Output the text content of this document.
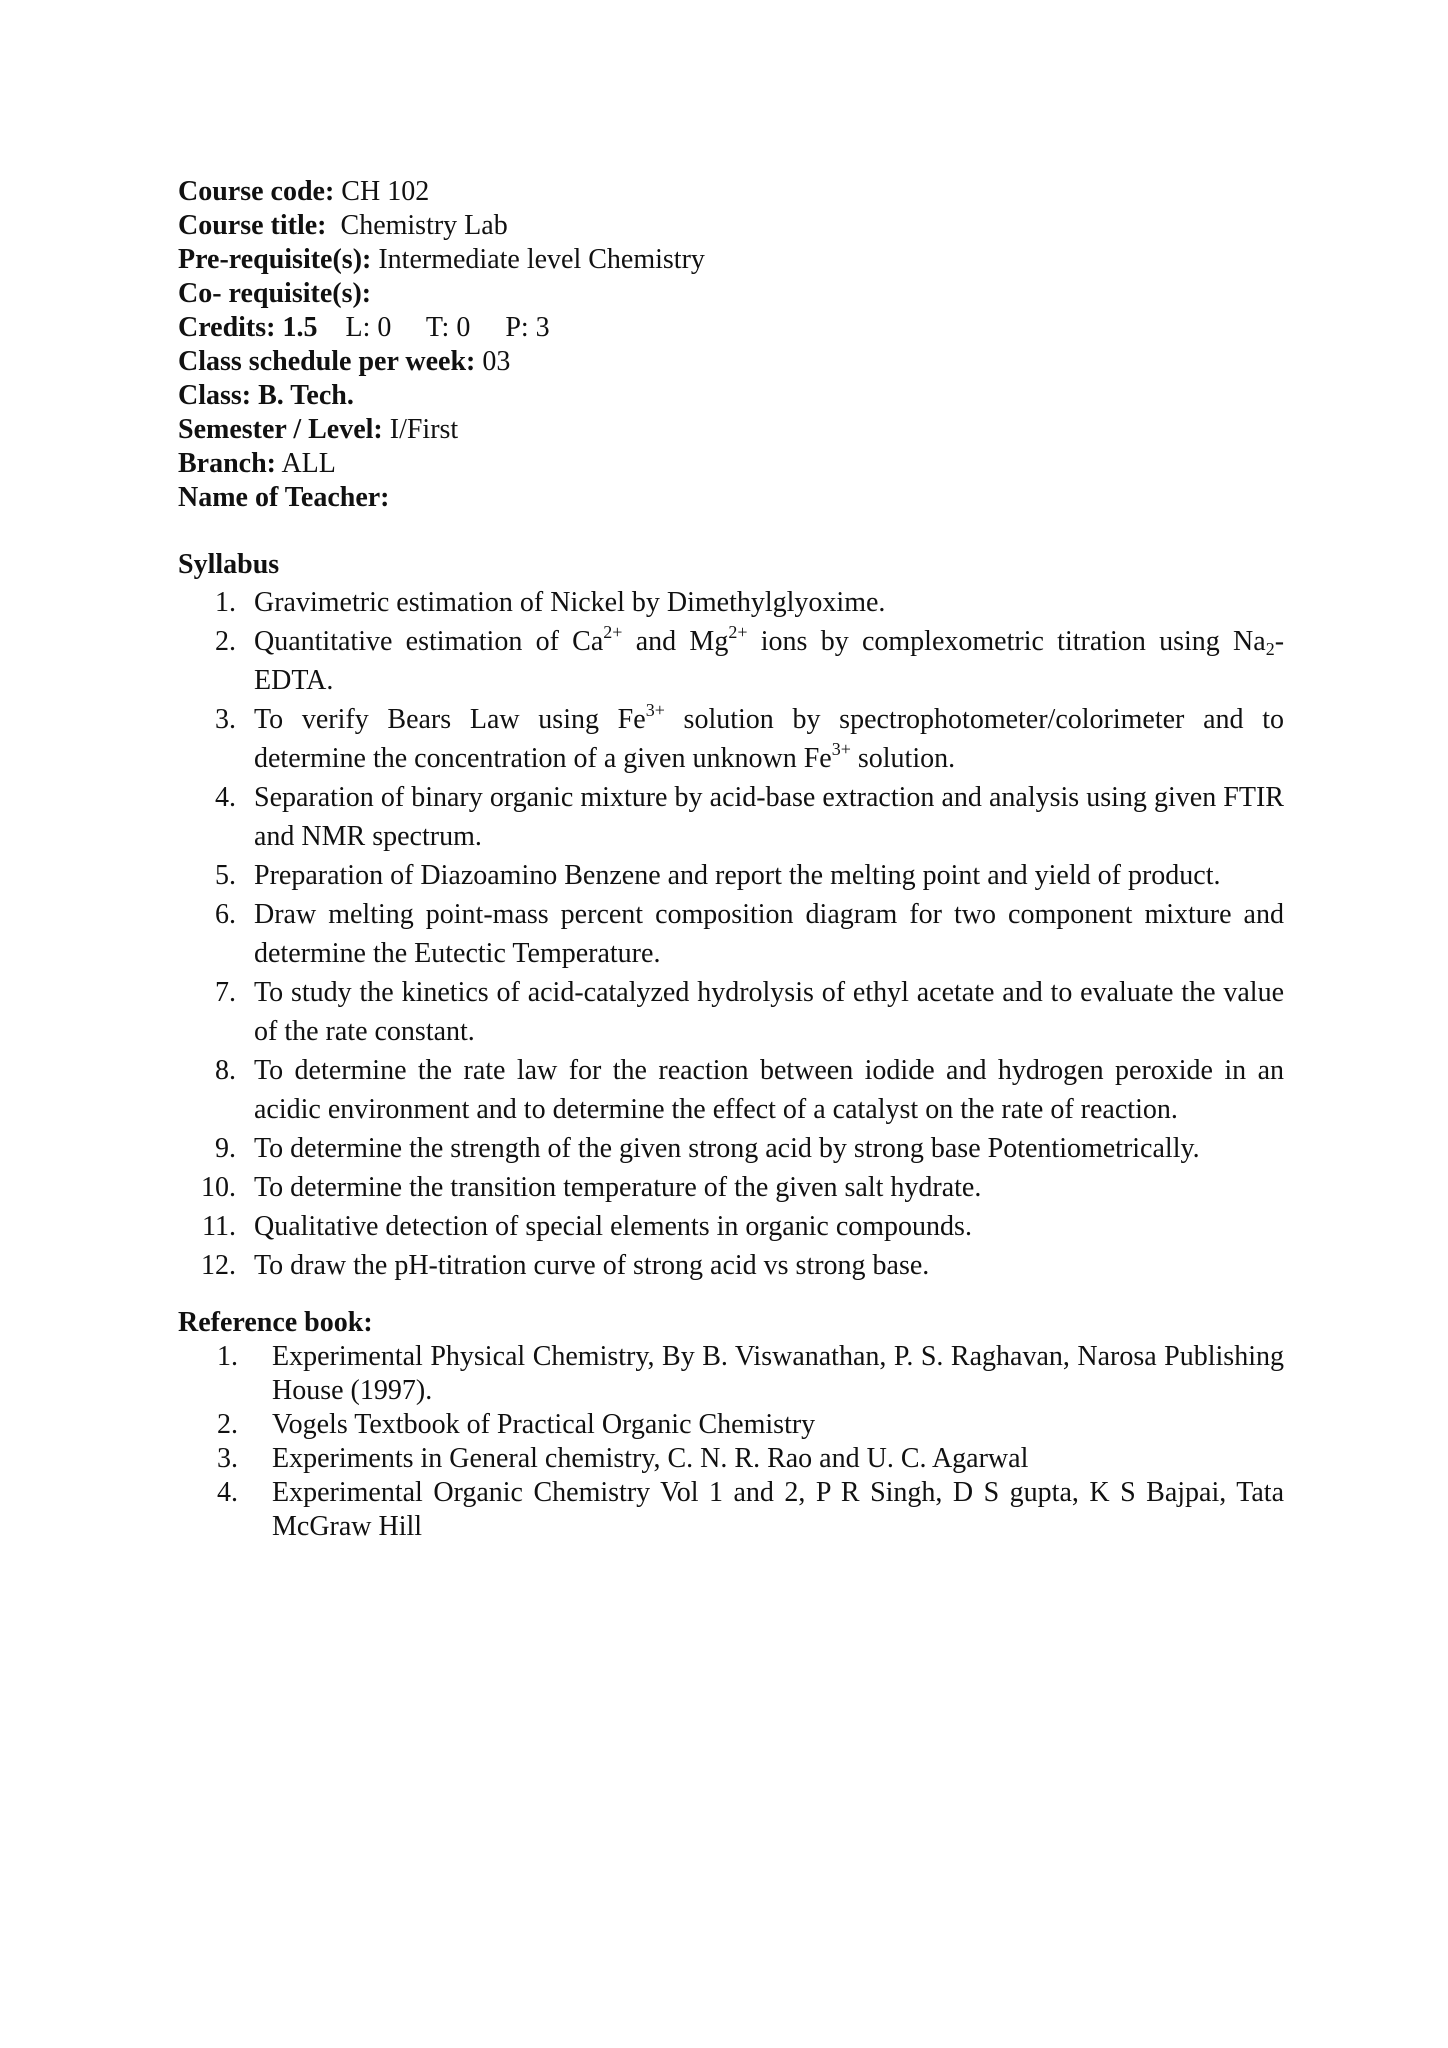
Course code: CH 102
Course title:  Chemistry Lab
Pre-requisite(s): Intermediate level Chemistry
Co- requisite(s):
Credits: 1.5    L: 0     T: 0     P: 3
Class schedule per week: 03
Class: B. Tech.
Semester / Level: I/First
Branch: ALL
Name of Teacher:
Syllabus
1. Gravimetric estimation of Nickel by Dimethylglyoxime.
2. Quantitative estimation of $Ca^{2+}$ and $Mg^{2+}$ ions by complexometric titration using $Na_2$-EDTA.
3. To verify Bears Law using $Fe^{3+}$ solution by spectrophotometer/colorimeter and to determine the concentration of a given unknown $Fe^{3+}$ solution.
4. Separation of binary organic mixture by acid-base extraction and analysis using given FTIR and NMR spectrum.
5. Preparation of Diazoamino Benzene and report the melting point and yield of product.
6. Draw melting point-mass percent composition diagram for two component mixture and determine the Eutectic Temperature.
7. To study the kinetics of acid-catalyzed hydrolysis of ethyl acetate and to evaluate the value of the rate constant.
8. To determine the rate law for the reaction between iodide and hydrogen peroxide in an acidic environment and to determine the effect of a catalyst on the rate of reaction.
9. To determine the strength of the given strong acid by strong base Potentiometrically.
10. To determine the transition temperature of the given salt hydrate.
11. Qualitative detection of special elements in organic compounds.
12. To draw the pH-titration curve of strong acid vs strong base.
Reference book:
1. Experimental Physical Chemistry, By B. Viswanathan, P. S. Raghavan, Narosa Publishing House (1997).
2. Vogels Textbook of Practical Organic Chemistry
3. Experiments in General chemistry, C. N. R. Rao and U. C. Agarwal
4. Experimental Organic Chemistry Vol 1 and 2, P R Singh, D S gupta, K S Bajpai, Tata McGraw Hill
